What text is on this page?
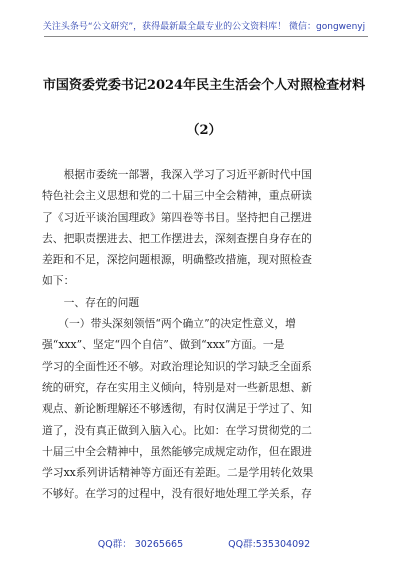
关注头条号“公文研究”，获得最新最全最专业的公文资料库！ 微信：gongwenyj
市国资委党委书记2024年民主生活会个人对照检查材料
（2）
　　根据市委统一部署，我深入学习了习近平新时代中国
特色社会主义思想和党的二十届三中全会精神，重点研读
了《习近平谈治国理政》第四卷等书目。坚持把自己摆进
去、把职责摆进去、把工作摆进去，深刻查摆自身存在的
差距和不足，深挖问题根源，明确整改措施，现对照检查
如下：
　　一、存在的问题
　　（一）带头深刻领悟“两个确立”的决定性意义，增
强“xxx”、坚定“四个自信”、做到“xxx”方面。一是
学习的全面性还不够。对政治理论知识的学习缺乏全面系
统的研究，存在实用主义倾向，特别是对一些新思想、新
观点、新论断理解还不够透彻，有时仅满足于学过了、知
道了，没有真正做到入脑入心。比如：在学习贯彻党的二
十届三中全会精神中，虽然能够完成规定动作，但在跟进
学习xx系列讲话精神等方面还有差距。二是学用转化效果
不够好。在学习的过程中，没有很好地处理工学关系，存
QQ群： 30265665	QQ群:535304092
